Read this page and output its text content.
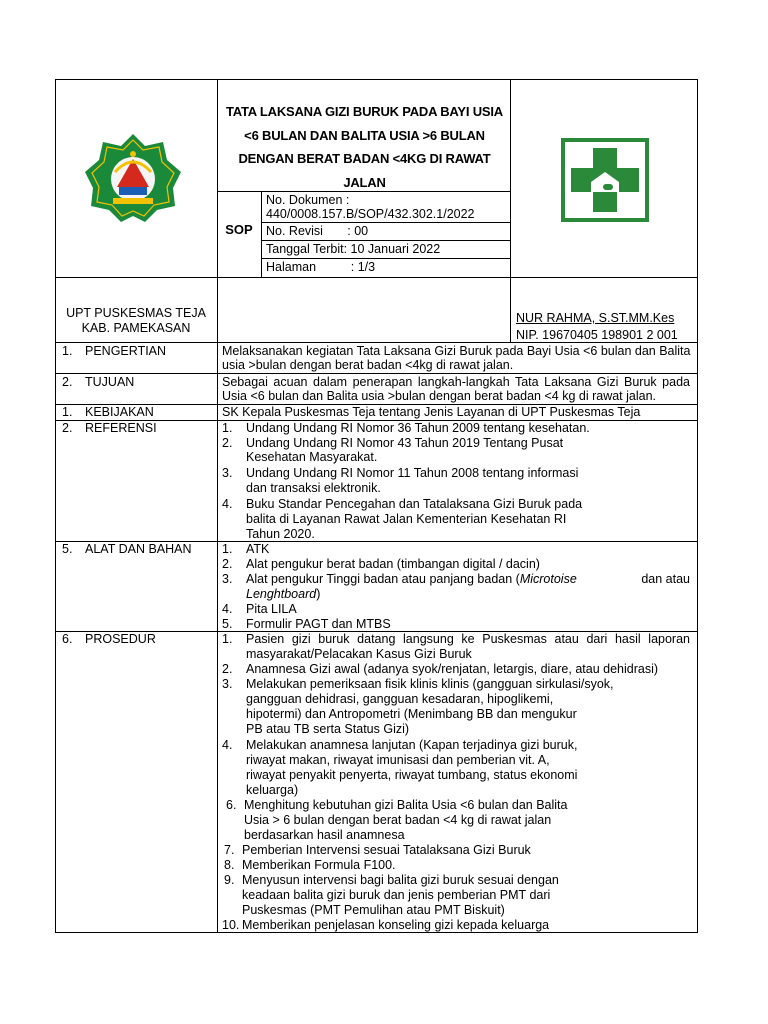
TATA LAKSANA GIZI BURUK PADA BAYI USIA
<6 BULAN DAN BALITA USIA >6 BULAN
DENGAN BERAT BADAN <4KG DI RAWAT
JALAN
SOP
No. Dokumen :
440/0008.157.B/SOP/432.302.1/2022
No. Revisi       : 00
Tanggal Terbit: 10 Januari 2022
Halaman          : 1/3
UPT PUSKESMAS TEJA
KAB. PAMEKASAN
NUR RAHMA, S.ST.MM.Kes
NIP. 19670405 198901 2 001
1. PENGERTIAN	Melaksanakan kegiatan Tata Laksana Gizi Buruk pada Bayi Usia <6 bulan dan Balita
usia >bulan dengan berat badan <4kg di rawat jalan.
2. TUJUAN	Sebagai acuan dalam penerapan langkah-langkah Tata Laksana Gizi Buruk pada
Usia <6 bulan dan Balita usia >bulan dengan berat badan <4 kg di rawat jalan.
1. KEBIJAKAN	SK Kepala Puskesmas Teja tentang Jenis Layanan di UPT Puskesmas Teja
2. REFERENSI	1. Undang Undang RI Nomor 36 Tahun 2009 tentang kesehatan.
2. Undang Undang RI Nomor 43 Tahun 2019 Tentang Pusat
Kesehatan Masyarakat.
3. Undang Undang RI Nomor 11 Tahun 2008 tentang informasi
dan transaksi elektronik.
4. Buku Standar Pencegahan dan Tatalaksana Gizi Buruk pada
balita di Layanan Rawat Jalan Kementerian Kesehatan RI
Tahun 2020.
5. ALAT DAN BAHAN 1. ATK
2. Alat pengukur berat badan (timbangan digital / dacin)
3. Alat pengukur Tinggi badan atau panjang badan (Microtoise	dan atau
Lenghtboard)
4. Pita LILA
5. Formulir PAGT dan MTBS
6. PROSEDUR	1. Pasien gizi buruk datang langsung ke Puskesmas atau dari hasil laporan
masyarakat/Pelacakan Kasus Gizi Buruk
2. Anamnesa Gizi awal (adanya syok/renjatan, letargis, diare, atau dehidrasi)
3. Melakukan pemeriksaan fisik klinis klinis (gangguan sirkulasi/syok,
gangguan dehidrasi, gangguan kesadaran, hipoglikemi,
hipotermi) dan Antropometri (Menimbang BB dan mengukur
PB atau TB serta Status Gizi)
4. Melakukan anamnesa lanjutan (Kapan terjadinya gizi buruk,
riwayat makan, riwayat imunisasi dan pemberian vit. A,
riwayat penyakit penyerta, riwayat tumbang, status ekonomi
keluarga)
6. Menghitung kebutuhan gizi Balita Usia <6 bulan dan Balita
Usia > 6 bulan dengan berat badan <4 kg di rawat jalan
berdasarkan hasil anamnesa
7. Pemberian Intervensi sesuai Tatalaksana Gizi Buruk
8. Memberikan Formula F100.
9. Menyusun intervensi bagi balita gizi buruk sesuai dengan
keadaan balita gizi buruk dan jenis pemberian PMT dari
Puskesmas (PMT Pemulihan atau PMT Biskuit)
10. Memberikan penjelasan konseling gizi kepada keluarga
